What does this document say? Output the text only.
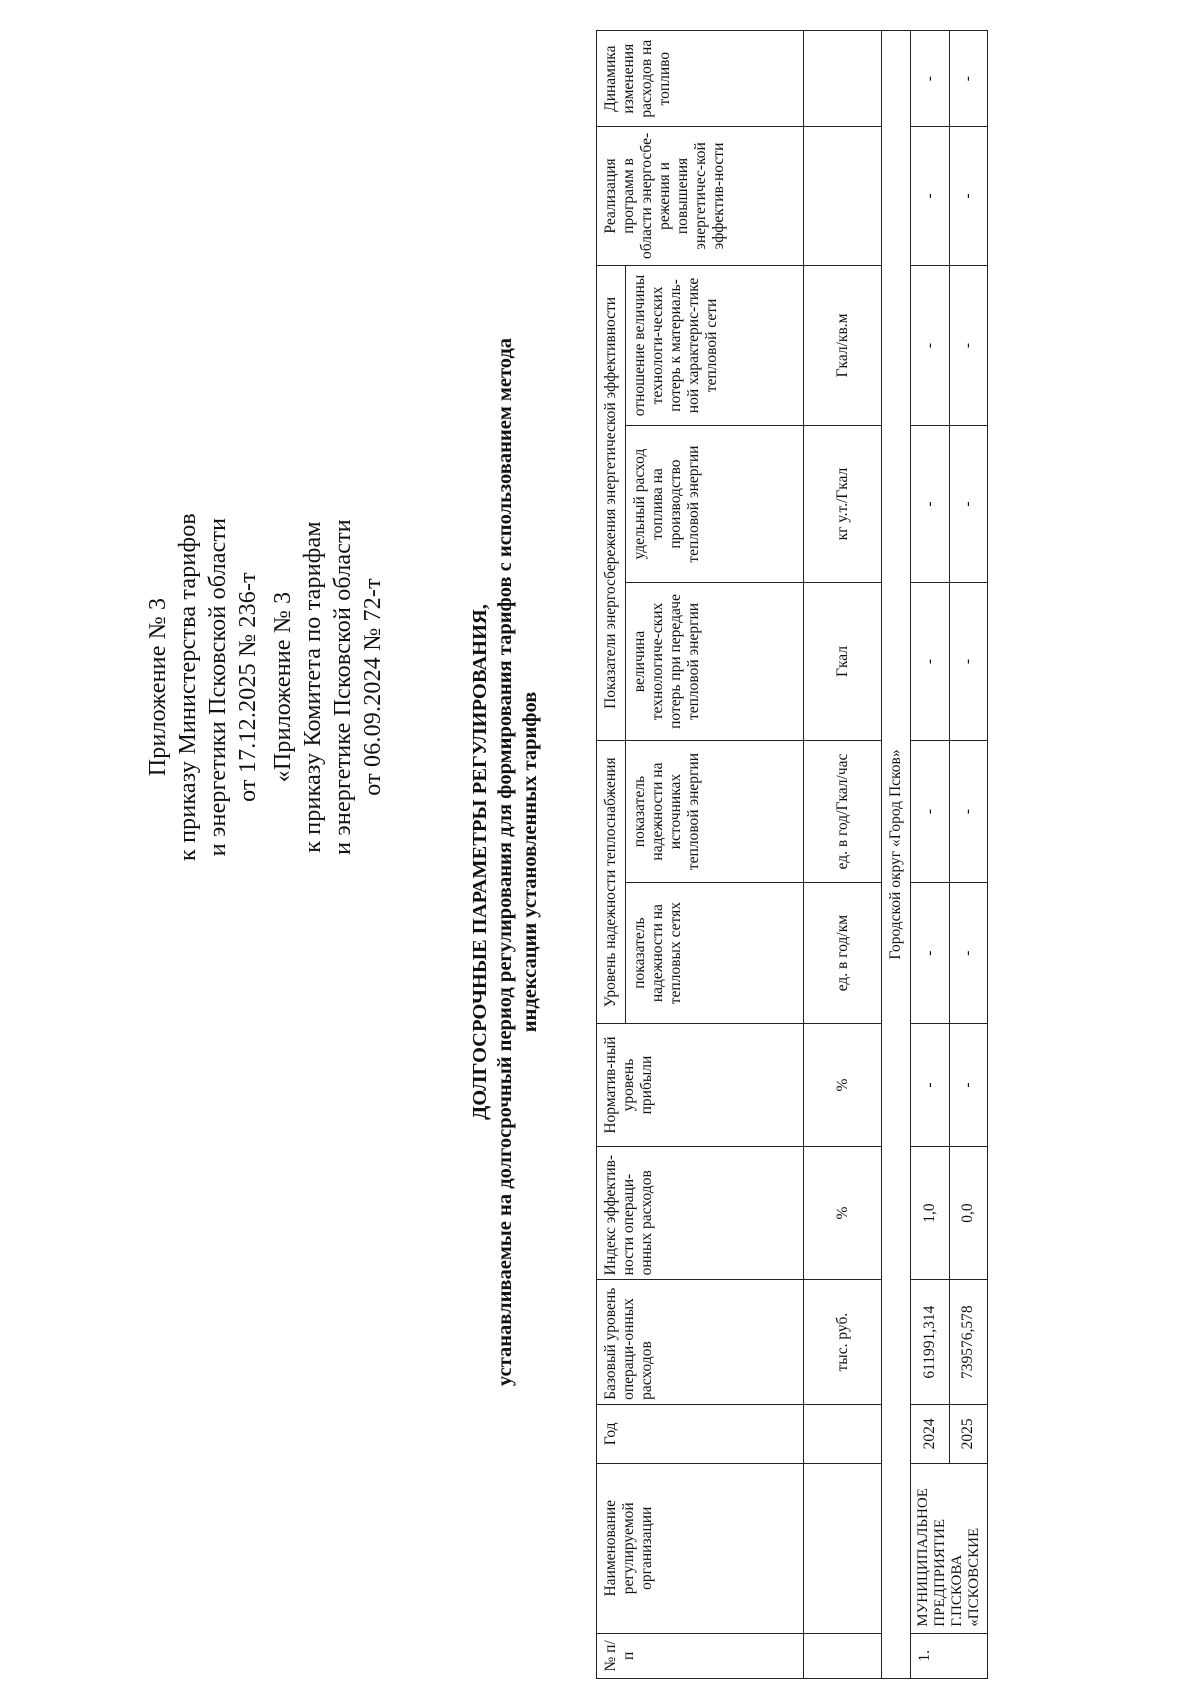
Приложение № 3 к приказу Министерства тарифов и энергетики Псковской области от 17.12.2025 № 236-т «Приложение № 3 к приказу Комитета по тарифам и энергетике Псковской области от 06.09.2024 № 72-т	ДОЛГОСРОЧНЫЕ ПАРАМЕТРЫ РЕГУЛИРОВАНИЯ, устанавливаемые на долгосрочный период регулирования для формирования тарифов с использованием метода индексации установленных тарифов
№ п/п	Наименование регулируемой организации	Год	Базовый уровень операци-онных расходов	Индекс эффектив-ности операци-онных расходов	Норматив-ный уровень прибыли	Уровень надежности теплоснабжения		Показатели энергосбережения энергетической эффективности			Реализация программ в области энергосбе-режения и повышения энергетичес-кой эффектив-ности	Динамика изменения расходов на топливо
						показатель надежности на тепловых сетях	показатель надежности на источниках тепловой энергии	величина технологиче-ских потерь при передаче тепловой энергии	удельный расход топлива на производство тепловой энергии	отношение величины технологи-ческих потерь к материаль-ной характерис-тике тепловой сети		
			тыс. руб.	%	%	ед. в год/км	ед. в год/Гкал/час	Гкал	кг у.т./Гкал	Гкал/кв.м		
Городской округ «Город Псков»												
1.	МУНИЦИПАЛЬНОЕ ПРЕДПРИЯТИЕ Г.ПСКОВА «ПСКОВСКИЕ	2024	611991,314	1,0	-	-	-	-	-	-	-	-
		2025	739576,578	0,0	-	-	-	-	-	-	-	-
